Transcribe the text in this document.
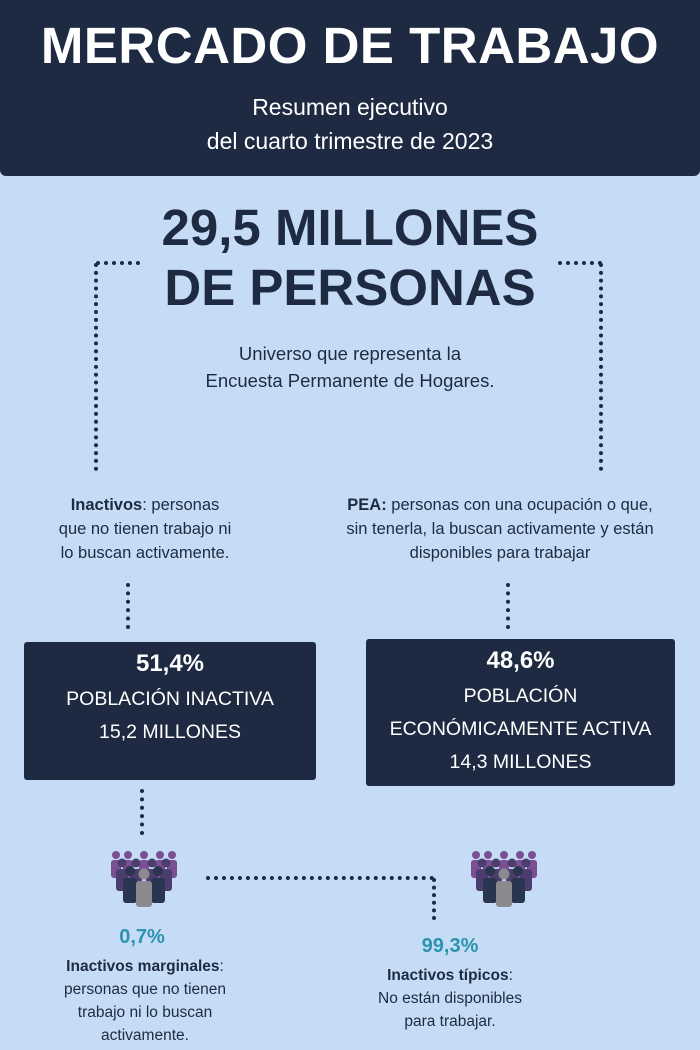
MERCADO DE TRABAJO
Resumen ejecutivo
del cuarto trimestre de 2023
29,5 MILLONES
DE PERSONAS
Universo que representa la
Encuesta Permanente de Hogares.
Inactivos: personas
que no tienen trabajo ni
lo buscan activamente.
PEA: personas con una ocupación o que,
sin tenerla, la buscan activamente y están
disponibles para trabajar
51,4%
POBLACIÓN INACTIVA
15,2 MILLONES
48,6%
POBLACIÓN
ECONÓMICAMENTE ACTIVA
14,3 MILLONES
0,7%
Inactivos marginales:
personas que no tienen
trabajo ni lo buscan
activamente.
99,3%
Inactivos típicos:
No están disponibles
para trabajar.
